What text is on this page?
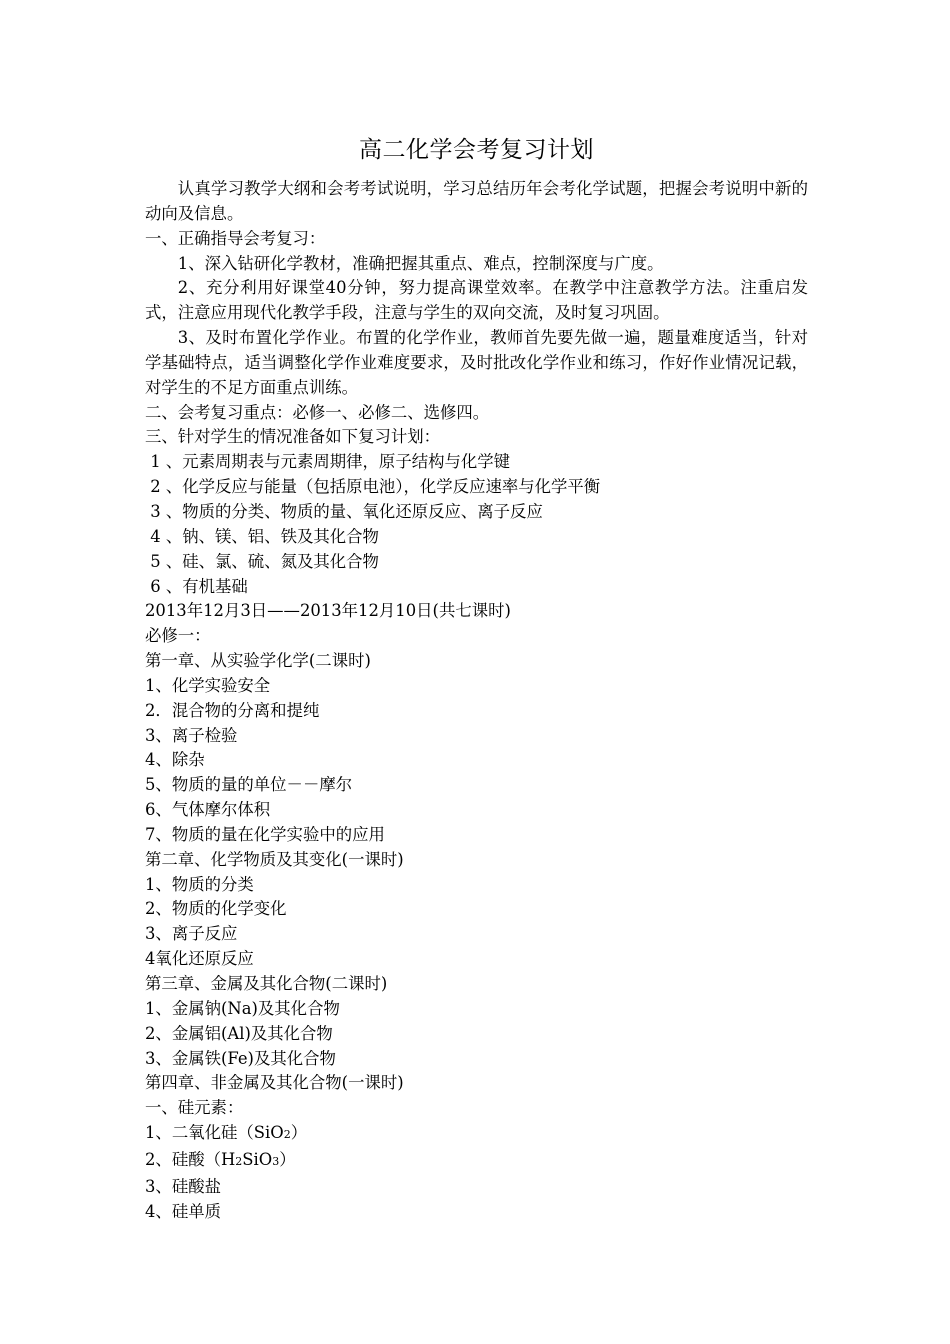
高二化学会考复习计划

认真学习教学大纲和会考考试说明，学习总结历年会考化学试题，把握会考说明中新的动向及信息。

一、正确指导会考复习：

1、深入钻研化学教材，准确把握其重点、难点，控制深度与广度。

2、充分利用好课堂40分钟，努力提高课堂效率。在教学中注意教学方法。注重启发式，注意应用现代化教学手段，注意与学生的双向交流，及时复习巩固。

3、及时布置化学作业。布置的化学作业，教师首先要先做一遍，题量难度适当，针对学基础特点，适当调整化学作业难度要求，及时批改化学作业和练习，作好作业情况记载，对学生的不足方面重点训练。

二、会考复习重点：必修一、必修二、选修四。

三、针对学生的情况准备如下复习计划：

1 、元素周期表与元素周期律，原子结构与化学键

2 、化学反应与能量（包括原电池），化学反应速率与化学平衡

3 、物质的分类、物质的量、氧化还原反应、离子反应

4 、钠、镁、铝、铁及其化合物

5 、硅、氯、硫、氮及其化合物

6 、有机基础

2013年12月3日——2013年12月10日(共七课时)

必修一：

第一章、从实验学化学(二课时)

1、化学实验安全

2．混合物的分离和提纯

3、离子检验

4、除杂

5、物质的量的单位－－摩尔

6、气体摩尔体积

7、物质的量在化学实验中的应用

第二章、化学物质及其变化(一课时)

1、物质的分类

2、物质的化学变化

3、离子反应

4氧化还原反应

第三章、金属及其化合物(二课时)

1、金属钠(Na)及其化合物

2、金属铝(Al)及其化合物

3、金属铁(Fe)及其化合物

第四章、非金属及其化合物(一课时)

一、硅元素：

1、二氧化硅（SiO2）

2、硅酸（H2SiO3）

3、硅酸盐

4、硅单质
